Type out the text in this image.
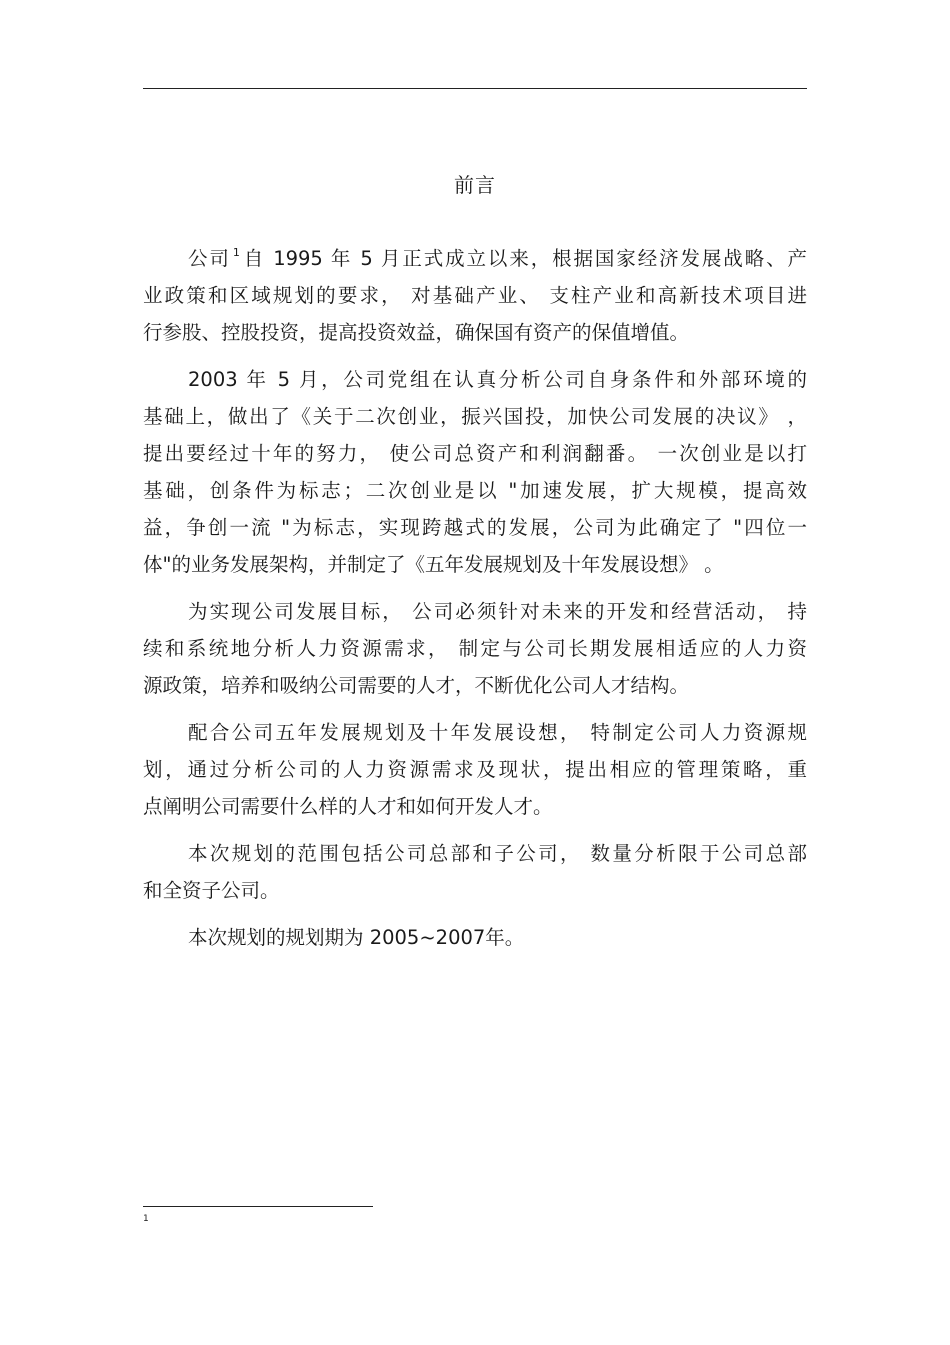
前言
公司 $^1$ 自 1995 年 5 月正式成立以来，根据国家经济发展战略、产
业政策和区域规划的要求， 对基础产业、 支柱产业和高新技术项目进
行参股、控股投资，提高投资效益，确保国有资产的保值增值。
2003 年 5 月，公司党组在认真分析公司自身条件和外部环境的
基础上，做出了《关于二次创业，振兴国投，加快公司发展的决议》 ，
提出要经过十年的努力， 使公司总资产和利润翻番。 一次创业是以打
基础，创条件为标志；二次创业是以 "加速发展，扩大规模，提高效
益，争创一流 "为标志，实现跨越式的发展，公司为此确定了 "四位一
体"的业务发展架构，并制定了《五年发展规划及十年发展设想》 。
为实现公司发展目标， 公司必须针对未来的开发和经营活动， 持
续和系统地分析人力资源需求， 制定与公司长期发展相适应的人力资
源政策，培养和吸纳公司需要的人才，不断优化公司人才结构。
配合公司五年发展规划及十年发展设想， 特制定公司人力资源规
划，通过分析公司的人力资源需求及现状，提出相应的管理策略，重
点阐明公司需要什么样的人才和如何开发人才。
本次规划的范围包括公司总部和子公司， 数量分析限于公司总部
和全资子公司。
本次规划的规划期为 2005~2007年。
1
